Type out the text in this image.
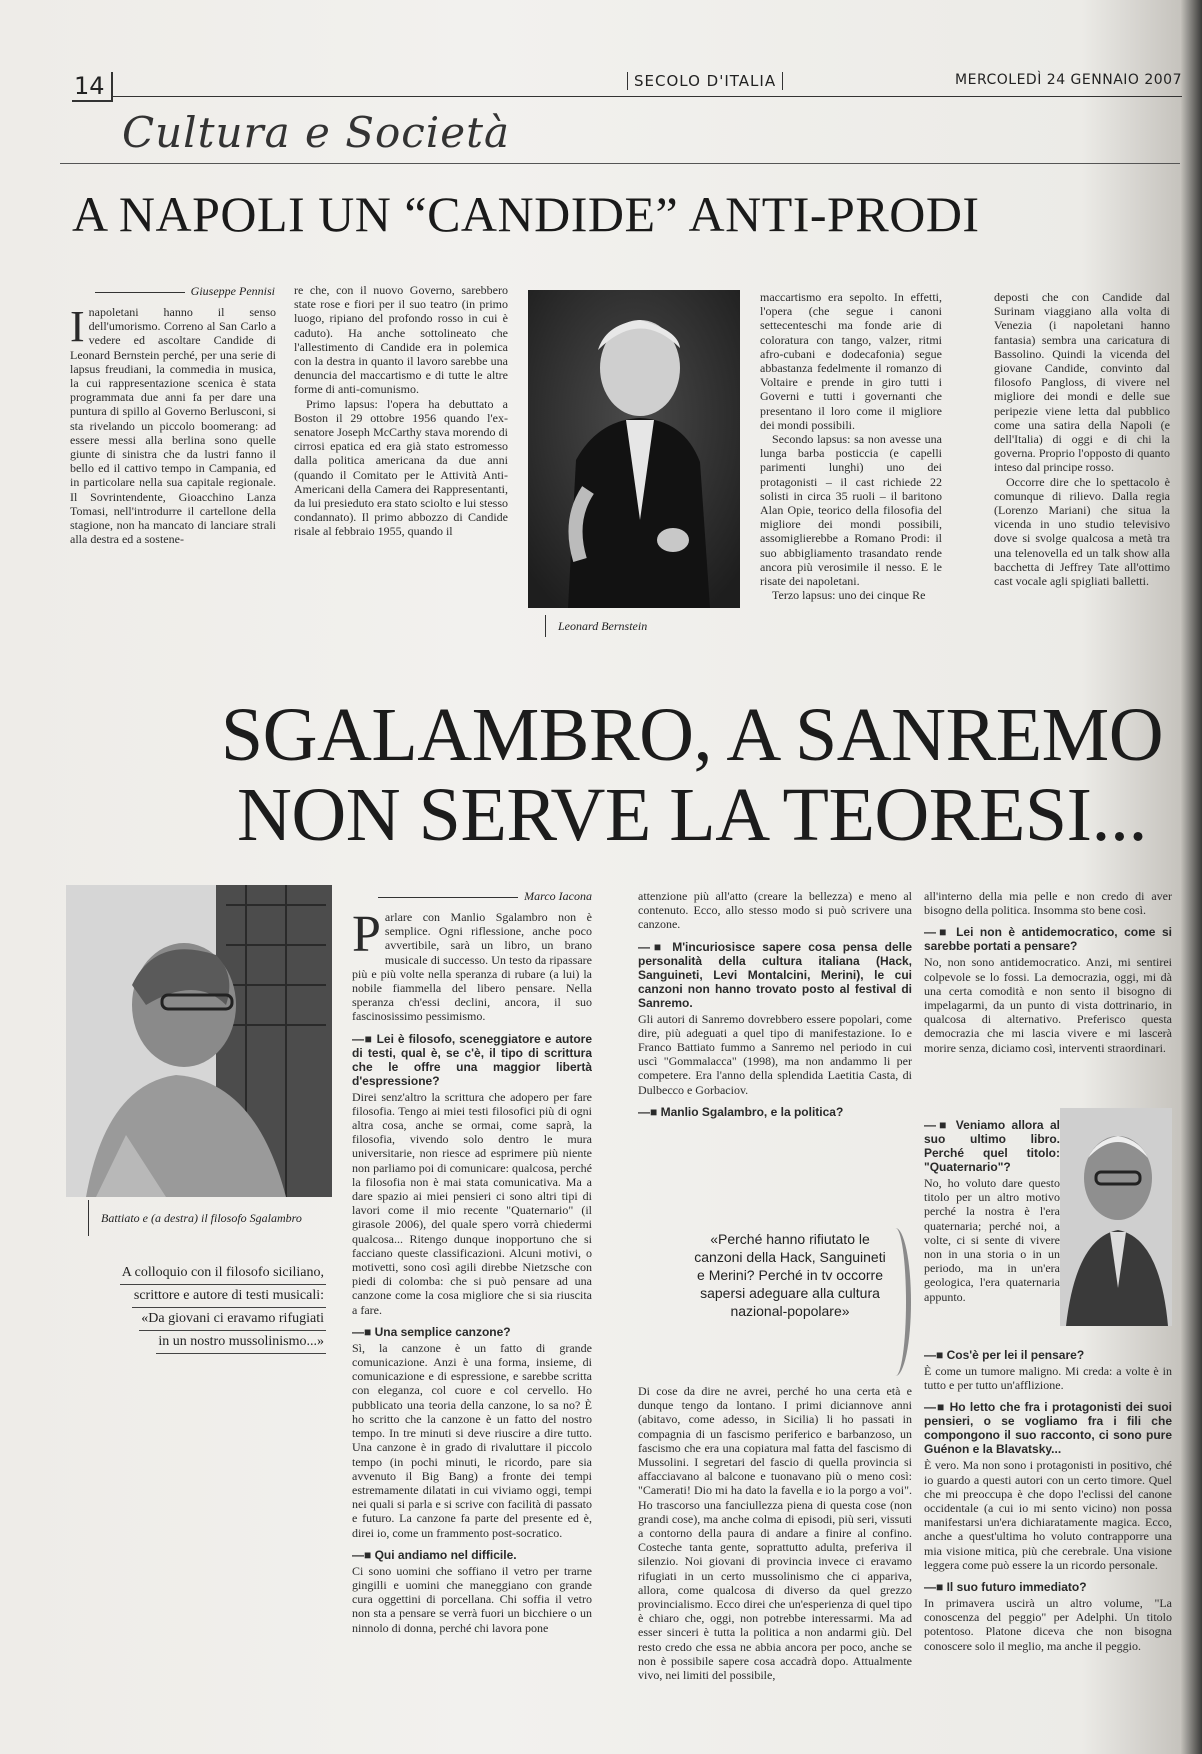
14	SECOLO D'ITALIA	MERCOLEDÌ 24 GENNAIO 2007
Cultura e Società
A NAPOLI UN “CANDIDE” ANTI-PRODI
Giuseppe Pennisi

Inapoletani hanno il senso dell'umorismo. Correno al San Carlo a vedere ed ascoltare Candide di Leonard Bernstein perché, per una serie di lapsus freudiani, la commedia in musica, la cui rappresentazione scenica è stata programmata due anni fa per dare una puntura di spillo al Governo Berlusconi, si sta rivelando un piccolo boomerang: ad essere messi alla berlina sono quelle giunte di sinistra che da lustri fanno il bello ed il cattivo tempo in Campania, ed in particolare nella sua capitale regionale. Il Sovrintendente, Gioacchino Lanza Tomasi, nell'introdurre il cartellone della stagione, non ha mancato di lanciare strali alla destra ed a sostene-

re che, con il nuovo Governo, sarebbero state rose e fiori per il suo teatro (in primo luogo, ripiano del profondo rosso in cui è caduto). Ha anche sottolineato che l'allestimento di Candide era in polemica con la destra in quanto il lavoro sarebbe una denuncia del maccartismo e di tutte le altre forme di anti-comunismo.

Primo lapsus: l'opera ha debuttato a Boston il 29 ottobre 1956 quando l'ex-senatore Joseph McCarthy stava morendo di cirrosi epatica ed era già stato estromesso dalla politica americana da due anni (quando il Comitato per le Attività Anti-Americani della Camera dei Rappresentanti, da lui presieduto era stato sciolto e lui stesso condannato). Il primo abbozzo di Candide risale al febbraio 1955, quando il

Leonard Bernstein

maccartismo era sepolto. In effetti, l'opera (che segue i canoni settecenteschi ma fonde arie di coloratura con tango, valzer, ritmi afro-cubani e dodecafonia) segue abbastanza fedelmente il romanzo di Voltaire e prende in giro tutti i Governi e tutti i governanti che presentano il loro come il migliore dei mondi possibili.

Secondo lapsus: sa non avesse una lunga barba posticcia (e capelli parimenti lunghi) uno dei protagonisti – il cast richiede 22 solisti in circa 35 ruoli – il baritono Alan Opie, teorico della filosofia del migliore dei mondi possibili, assomiglierebbe a Romano Prodi: il suo abbigliamento trasandato rende ancora più verosimile il nesso. E le risate dei napoletani.

Terzo lapsus: uno dei cinque Re

deposti che con Candide dal Surinam viaggiano alla volta di Venezia (i napoletani hanno fantasia) sembra una caricatura di Bassolino. Quindi la vicenda del giovane Candide, convinto dal filosofo Pangloss, di vivere nel migliore dei mondi e delle sue peripezie viene letta dal pubblico come una satira della Napoli (e dell'Italia) di oggi e di chi la governa. Proprio l'opposto di quanto inteso dal principe rosso.

Occorre dire che lo spettacolo è comunque di rilievo. Dalla regia (Lorenzo Mariani) che situa la vicenda in uno studio televisivo dove si svolge qualcosa a metà tra una telenovella ed un talk show alla bacchetta di Jeffrey Tate all'ottimo cast vocale agli spigliati balletti.

SGALAMBRO, A SANREMO
NON SERVE LA TEORESI...
Battiato e (a destra) il filosofo Sgalambro
A colloquio con il filosofo siciliano,
scrittore e autore di testi musicali:
«Da giovani ci eravamo rifugiati
in un nostro mussolinismo...»
Marco Iacona

Parlare con Manlio Sgalambro non è semplice. Ogni riflessione, anche poco avvertibile, sarà un libro, un brano musicale di successo. Un testo da ripassare più e più volte nella speranza di rubare (a lui) la nobile fiammella del libero pensare. Nella speranza ch'essi declini, ancora, il suo fascinosissimo pessimismo.

—■ Lei è filosofo, sceneggiatore e autore di testi, qual è, se c'è, il tipo di scrittura che le offre una maggior libertà d'espressione?

Direi senz'altro la scrittura che adopero per fare filosofia. Tengo ai miei testi filosofici più di ogni altra cosa, anche se ormai, come saprà, la filosofia, vivendo solo dentro le mura universitarie, non riesce ad esprimere più niente non parliamo poi di comunicare: qualcosa, perché la filosofia non è mai stata comunicativa. Ma a dare spazio ai miei pensieri ci sono altri tipi di lavori come il mio recente "Quaternario" (il girasole 2006), del quale spero vorrà chiedermi qualcosa... Ritengo dunque inopportuno che si facciano queste classificazioni. Alcuni motivi, o motivetti, sono così agili direbbe Nietzsche con piedi di colomba: che si può pensare ad una canzone come la cosa migliore che si sia riuscita a fare.

—■ Una semplice canzone?

Sì, la canzone è un fatto di grande comunicazione. Anzi è una forma, insieme, di comunicazione e di espressione, e sarebbe scritta con eleganza, col cuore e col cervello. Ho pubblicato una teoria della canzone, lo sa no? È ho scritto che la canzone è un fatto del nostro tempo. In tre minuti si deve riuscire a dire tutto. Una canzone è in grado di rivaluttare il piccolo tempo (in pochi minuti, le ricordo, pare sia avvenuto il Big Bang) a fronte dei tempi estremamente dilatati in cui viviamo oggi, tempi nei quali si parla e si scrive con facilità di passato e futuro. La canzone fa parte del presente ed è, direi io, come un frammento post-socratico.

—■ Qui andiamo nel difficile.

Ci sono uomini che soffiano il vetro per trarne gingilli e uomini che maneggiano con grande cura oggettini di porcellana. Chi soffia il vetro non sta a pensare se verrà fuori un bicchiere o un ninnolo di donna, perché chi lavora pone

attenzione più all'atto (creare la bellezza) e meno al contenuto. Ecco, allo stesso modo si può scrivere una canzone.

—■ M'incuriosisce sapere cosa pensa delle personalità della cultura italiana (Hack, Sanguineti, Levi Montalcini, Merini), le cui canzoni non hanno trovato posto al festival di Sanremo.

Gli autori di Sanremo dovrebbero essere popolari, come dire, più adeguati a quel tipo di manifestazione. Io e Franco Battiato fummo a Sanremo nel periodo in cui uscì "Gommalacca" (1998), ma non andammo li per competere. Era l'anno della splendida Laetitia Casta, di Dulbecco e Gorbaciov.

—■ Manlio Sgalambro, e la politica?

«Perché hanno rifiutato le canzoni della Hack, Sanguineti e Merini? Perché in tv occorre sapersi adeguare alla cultura nazional-popolare»

Di cose da dire ne avrei, perché ho una certa età e dunque tengo da lontano. I primi diciannove anni (abitavo, come adesso, in Sicilia) li ho passati in compagnia di un fascismo periferico e barbanzoso, un fascismo che era una copiatura mal fatta del fascismo di Mussolini. I segretari del fascio di quella provincia si affacciavano al balcone e tuonavano più o meno così: "Camerati! Dio mi ha dato la favella e io la porgo a voi". Ho trascorso una fanciullezza piena di questa cose (non grandi cose), ma anche colma di episodi, più seri, vissuti a contorno della paura di andare a finire al confino. Costeche tanta gente, soprattutto adulta, preferiva il silenzio. Noi giovani di provincia invece ci eravamo rifugiati in un certo mussolinismo che ci appariva, allora, come qualcosa di diverso da quel grezzo provincialismo. Ecco direi che un'esperienza di quel tipo è chiaro che, oggi, non potrebbe interessarmi. Ma ad esser sinceri è tutta la politica a non andarmi giù. Del resto credo che essa ne abbia ancora per poco, anche se non è possibile sapere cosa accadrà dopo. Attualmente vivo, nei limiti del possibile,

all'interno della mia pelle e non credo di aver bisogno della politica. Insomma sto bene così.

—■ Lei non è antidemocratico, come si sarebbe portati a pensare?

No, non sono antidemocratico. Anzi, mi sentirei colpevole se lo fossi. La democrazia, oggi, mi dà una certa comodità e non sento il bisogno di impelagarmi, da un punto di vista dottrinario, in qualcosa di alternativo. Preferisco questa democrazia che mi lascia vivere e mi lascerà morire senza, diciamo così, interventi straordinari.

—■ Veniamo allora al suo ultimo libro. Perché quel titolo: "Quaternario"?

No, ho voluto dare questo titolo per un altro motivo perché la nostra è l'era quaternaria; perché noi, a volte, ci si sente di vivere non in una storia o in un periodo, ma in un'era geologica, l'era quaternaria appunto.

—■ Cos'è per lei il pensare?

È come un tumore maligno. Mi creda: a volte è in tutto e per tutto un'afflizione.

—■ Ho letto che fra i protagonisti dei suoi pensieri, o se vogliamo fra i fili che compongono il suo racconto, ci sono pure Guénon e la Blavatsky...

È vero. Ma non sono i protagonisti in positivo, ché io guardo a questi autori con un certo timore. Quel che mi preoccupa è che dopo l'eclissi del canone occidentale (a cui io mi sento vicino) non possa manifestarsi un'era dichiaratamente magica. Ecco, anche a quest'ultima ho voluto contrapporre una mia visione mitica, più che cerebrale. Una visione leggera come può essere la un ricordo personale.

—■ Il suo futuro immediato?

In primavera uscirà un altro volume, "La conoscenza del peggio" per Adelphi. Un titolo potentoso. Platone diceva che non bisogna conoscere solo il meglio, ma anche il peggio.
